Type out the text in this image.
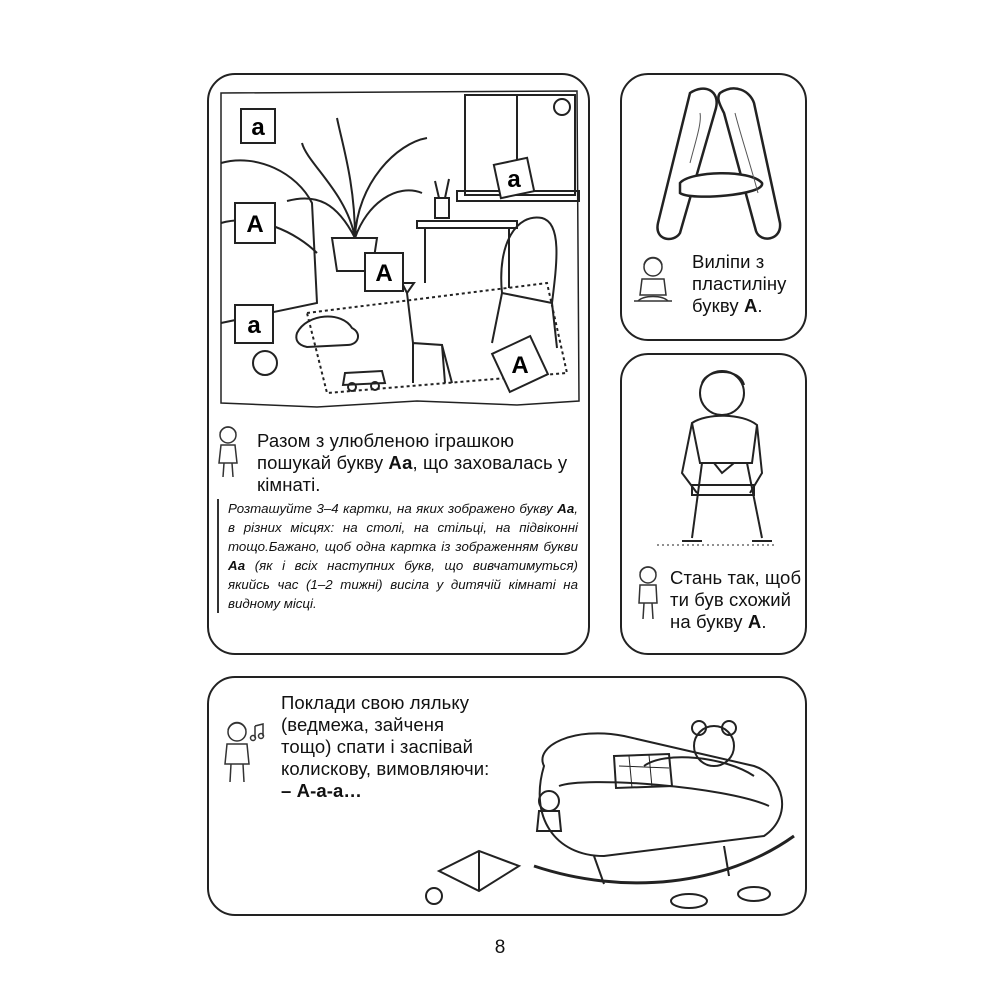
a
A
a
A
a
A
Разом з улюбленою іграшкою пошукай букву Аа, що заховалась у кімнаті.
Розташуйте 3–4 картки, на яких зображено букву Аа, в різних місцях: на столі, на стільці, на підвіконні тощо.Бажано, щоб одна картка із зображенням букви Аа (як і всіх наступних букв, що вивчатимуться) якийсь час (1–2 тижні) висіла у дитячій кімнаті на видному місці.
Виліпи з
пластиліну
букву А.
Стань так, щоб
ти був схожий
на букву А.
Поклади свою ляльку
(ведмежа, зайченя
тощо) спати і заспівай
колискову, вимовляючи:
– А-а-а…
8
